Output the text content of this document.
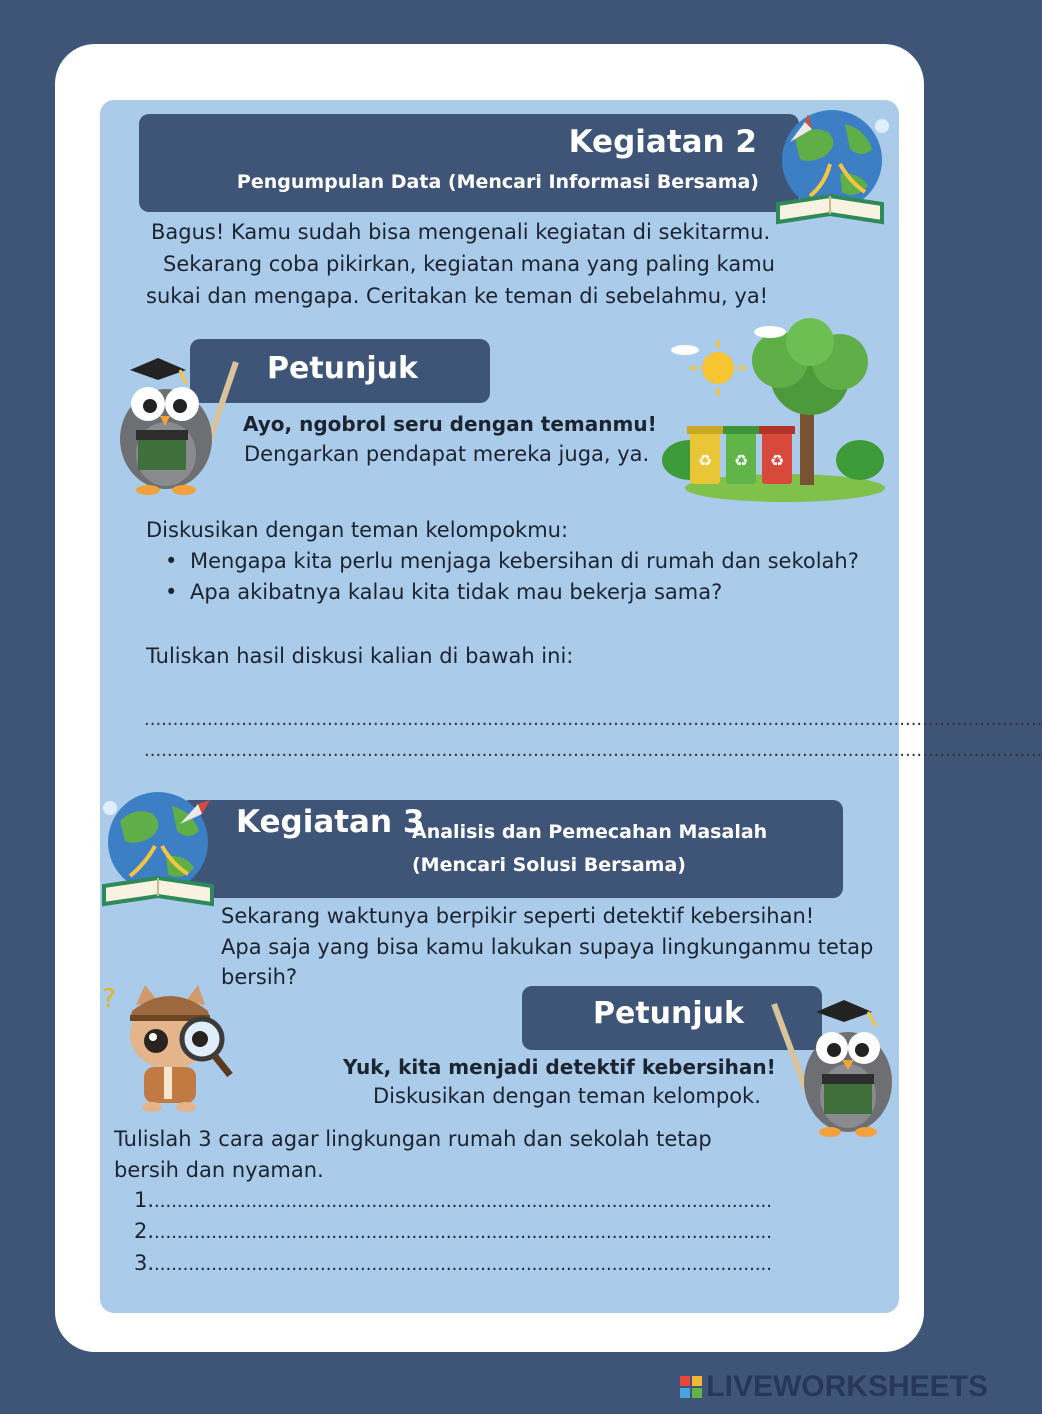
Kegiatan 2
Pengumpulan Data (Mencari Informasi Bersama)
Bagus! Kamu sudah bisa mengenali kegiatan di sekitarmu.
Sekarang coba pikirkan, kegiatan mana yang paling kamu
sukai dan mengapa. Ceritakan ke teman di sebelahmu, ya!
Petunjuk
Ayo, ngobrol seru dengan temanmu!
Dengarkan pendapat mereka juga, ya.	♻ ♻ ♻
Diskusikan dengan teman kelompokmu:
• Mengapa kita perlu menjaga kebersihan di rumah dan sekolah?
• Apa akibatnya kalau kita tidak mau bekerja sama?
Tuliskan hasil diskusi kalian di bawah ini:
.............................................................................................................................................................
.............................................................................................................................................................
Kegiatan 3
Analisis dan Pemecahan Masalah
(Mencari Solusi Bersama)
Sekarang waktunya berpikir seperti detektif kebersihan!
Apa saja yang bisa kamu lakukan supaya lingkunganmu tetap
bersih?
Petunjuk
?
Yuk, kita menjadi detektif kebersihan!
Diskusikan dengan teman kelompok.
Tulislah 3 cara agar lingkungan rumah dan sekolah tetap
bersih dan nyaman.
1.............................................................................................................
2.............................................................................................................
3.............................................................................................................
LIVEWORKSHEETS
